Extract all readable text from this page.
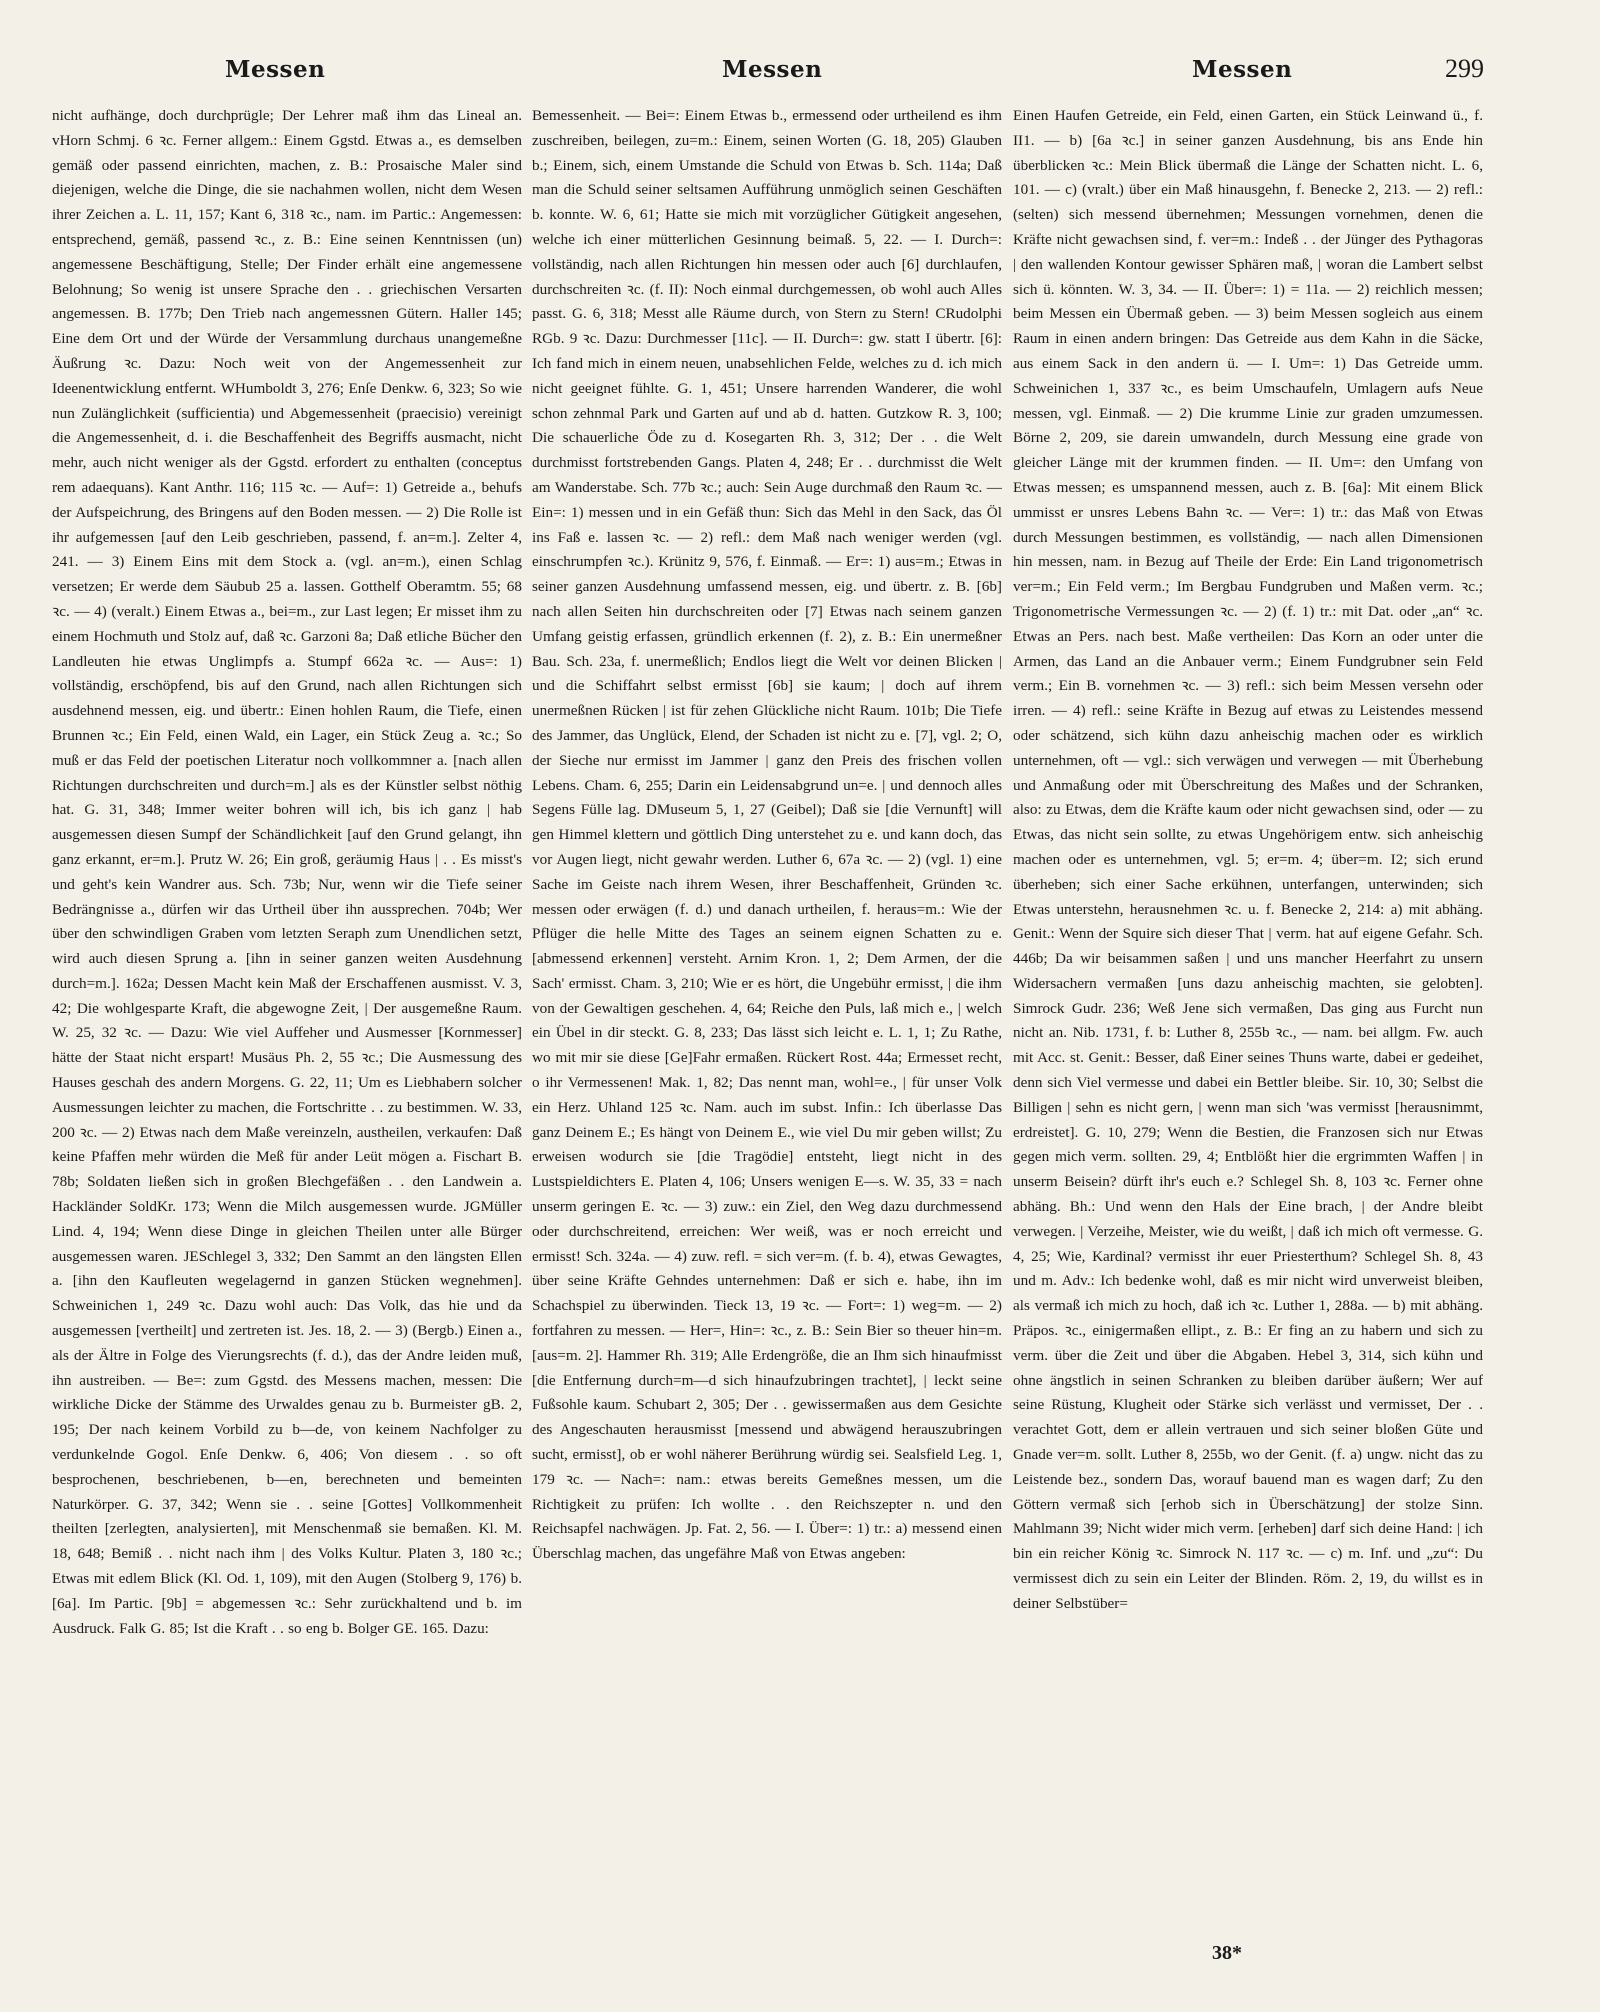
Messen	Messen	Messen	299

nicht aufhänge, doch durchprügle; Der Lehrer maß ihm das Lineal an. vHorn Schmj. 6 ꝛc. Ferner allgem.: Einem Ggstd. Etwas a., es demselben gemäß oder passend einrichten, machen, z. B.: Prosaische Maler sind diejenigen, welche die Dinge, die sie nachahmen wollen, nicht dem Wesen ihrer Zeichen a. L. 11, 157; Kant 6, 318 ꝛc., nam. im Partic.: Angemessen: entsprechend, gemäß, passend ꝛc., z. B.: Eine seinen Kenntnissen (un) angemessene Beschäftigung, Stelle; Der Finder erhält eine angemessene Belohnung; So wenig ist unsere Sprache den . . griechischen Versarten angemessen. B. 177b; Den Trieb nach angemessnen Gütern. Haller 145; Eine dem Ort und der Würde der Versammlung durchaus unangemeßne Äußrung ꝛc. Dazu: Noch weit von der Angemessenheit zur Ideenentwicklung entfernt. WHumboldt 3, 276; Enſe Denkw. 6, 323; So wie nun Zulänglichkeit (sufficientia) und Abgemessenheit (praecisio) vereinigt die Angemessenheit, d. i. die Beschaffenheit des Begriffs ausmacht, nicht mehr, auch nicht weniger als der Ggstd. erfordert zu enthalten (conceptus rem adaequans). Kant Anthr. 116; 115 ꝛc. — Auf=: 1) Getreide a., behufs der Aufspeichrung, des Bringens auf den Boden messen. — 2) Die Rolle ist ihr aufgemessen [auf den Leib geschrieben, passend, f. an=m.]. Zelter 4, 241. — 3) Einem Eins mit dem Stock a. (vgl. an=m.), einen Schlag versetzen; Er werde dem Säubub 25 a. lassen. Gotthelf Oberamtm. 55; 68 ꝛc. — 4) (veralt.) Einem Etwas a., bei=m., zur Last legen; Er misset ihm zu einem Hochmuth und Stolz auf, daß ꝛc. Garzoni 8a; Daß etliche Bücher den Landleuten hie etwas Unglimpfs a. Stumpf 662a ꝛc. — Aus=: 1) vollständig, erschöpfend, bis auf den Grund, nach allen Richtungen sich ausdehnend messen, eig. und übertr.: Einen hohlen Raum, die Tiefe, einen Brunnen ꝛc.; Ein Feld, einen Wald, ein Lager, ein Stück Zeug a. ꝛc.; So muß er das Feld der poetischen Literatur noch vollkommner a. [nach allen Richtungen durchschreiten und durch=m.] als es der Künstler selbst nöthig hat. G. 31, 348; Immer weiter bohren will ich, bis ich ganz | hab ausgemessen diesen Sumpf der Schändlichkeit [auf den Grund gelangt, ihn ganz erkannt, er=m.]. Prutz W. 26; Ein groß, geräumig Haus | . . Es misst's und geht's kein Wandrer aus. Sch. 73b; Nur, wenn wir die Tiefe seiner Bedrängnisse a., dürfen wir das Urtheil über ihn aussprechen. 704b; Wer über den schwindligen Graben vom letzten Seraph zum Unendlichen setzt, wird auch diesen Sprung a. [ihn in seiner ganzen weiten Ausdehnung durch=m.]. 162a; Dessen Macht kein Maß der Erschaffenen ausmisst. V. 3, 42; Die wohlgesparte Kraft, die abgewogne Zeit, | Der ausgemeßne Raum. W. 25, 32 ꝛc. — Dazu: Wie viel Auffeher und Ausmesser [Kornmesser] hätte der Staat nicht erspart! Musäus Ph. 2, 55 ꝛc.; Die Ausmessung des Hauses geschah des andern Morgens. G. 22, 11; Um es Liebhabern solcher Ausmessungen leichter zu machen, die Fortschritte . . zu bestimmen. W. 33, 200 ꝛc. — 2) Etwas nach dem Maße vereinzeln, austheilen, verkaufen: Daß keine Pfaffen mehr würden die Meß für ander Leüt mögen a. Fischart B. 78b; Soldaten ließen sich in großen Blechgefäßen . . den Landwein a. Hackländer SoldKr. 173; Wenn die Milch ausgemessen wurde. JGMüller Lind. 4, 194; Wenn diese Dinge in gleichen Theilen unter alle Bürger ausgemessen waren. JESchlegel 3, 332; Den Sammt an den längsten Ellen a. [ihn den Kaufleuten wegelagernd in ganzen Stücken wegnehmen]. Schweinichen 1, 249 ꝛc. Dazu wohl auch: Das Volk, das hie und da ausgemessen [vertheilt] und zertreten ist. Jes. 18, 2. — 3) (Bergb.) Einen a., als der Ältre in Folge des Vierungsrechts (f. d.), das der Andre leiden muß, ihn austreiben. — Be=: zum Ggstd. des Messens machen, messen: Die wirkliche Dicke der Stämme des Urwaldes genau zu b. Burmeister gB. 2, 195; Der nach keinem Vorbild zu b—de, von keinem Nachfolger zu verdunkelnde Gogol. Enſe Denkw. 6, 406; Von diesem . . so oft besprochenen, beschriebenen, b—en, berechneten und bemeinten Naturkörper. G. 37, 342; Wenn sie . . seine [Gottes] Vollkommenheit theilten [zerlegten, analysierten], mit Menschenmaß sie bemaßen. Kl. M. 18, 648; Bemiß . . nicht nach ihm | des Volks Kultur. Platen 3, 180 ꝛc.; Etwas mit edlem Blick (Kl. Od. 1, 109), mit den Augen (Stolberg 9, 176) b. [6a]. Im Partic. [9b] = abgemessen ꝛc.: Sehr zurückhaltend und b. im Ausdruck. Falk G. 85; Ist die Kraft . . so eng b. Bolger GE. 165. Dazu:

Bemessenheit. — Bei=: Einem Etwas b., ermessend oder urtheilend es ihm zuschreiben, beilegen, zu=m.: Einem, seinen Worten (G. 18, 205) Glauben b.; Einem, sich, einem Umstande die Schuld von Etwas b. Sch. 114a; Daß man die Schuld seiner seltsamen Aufführung unmöglich seinen Geschäften b. konnte. W. 6, 61; Hatte sie mich mit vorzüglicher Gütigkeit angesehen, welche ich einer mütterlichen Gesinnung beimaß. 5, 22. — I. Durch=: vollständig, nach allen Richtungen hin messen oder auch [6] durchlaufen, durchschreiten ꝛc. (f. II): Noch einmal durchgemessen, ob wohl auch Alles passt. G. 6, 318; Messt alle Räume durch, von Stern zu Stern! CRudolphi RGb. 9 ꝛc. Dazu: Durchmesser [11c]. — II. Durch=: gw. statt I übertr. [6]: Ich fand mich in einem neuen, unabsehlichen Felde, welches zu d. ich mich nicht geeignet fühlte. G. 1, 451; Unsere harrenden Wanderer, die wohl schon zehnmal Park und Garten auf und ab d. hatten. Gutzkow R. 3, 100; Die schauerliche Öde zu d. Kosegarten Rh. 3, 312; Der . . die Welt durchmisst fortstrebenden Gangs. Platen 4, 248; Er . . durchmisst die Welt am Wanderstabe. Sch. 77b ꝛc.; auch: Sein Auge durchmaß den Raum ꝛc. — Ein=: 1) messen und in ein Gefäß thun: Sich das Mehl in den Sack, das Öl ins Faß e. lassen ꝛc. — 2) refl.: dem Maß nach weniger werden (vgl. einschrumpfen ꝛc.). Krünitz 9, 576, f. Einmaß. — Er=: 1) aus=m.; Etwas in seiner ganzen Ausdehnung umfassend messen, eig. und übertr. z. B. [6b] nach allen Seiten hin durchschreiten oder [7] Etwas nach seinem ganzen Umfang geistig erfassen, gründlich erkennen (f. 2), z. B.: Ein unermeßner Bau. Sch. 23a, f. unermeßlich; Endlos liegt die Welt vor deinen Blicken | und die Schiffahrt selbst ermisst [6b] sie kaum; | doch auf ihrem unermeßnen Rücken | ist für zehen Glückliche nicht Raum. 101b; Die Tiefe des Jammer, das Unglück, Elend, der Schaden ist nicht zu e. [7], vgl. 2; O, der Sieche nur ermisst im Jammer | ganz den Preis des frischen vollen Lebens. Cham. 6, 255; Darin ein Leidensabgrund un=e. | und dennoch alles Segens Fülle lag. DMuseum 5, 1, 27 (Geibel); Daß sie [die Vernunft] will gen Himmel klettern und göttlich Ding unterstehet zu e. und kann doch, das vor Augen liegt, nicht gewahr werden. Luther 6, 67a ꝛc. — 2) (vgl. 1) eine Sache im Geiste nach ihrem Wesen, ihrer Beschaffenheit, Gründen ꝛc. messen oder erwägen (f. d.) und danach urtheilen, f. heraus=m.: Wie der Pflüger die helle Mitte des Tages an seinem eignen Schatten zu e. [abmessend erkennen] versteht. Arnim Kron. 1, 2; Dem Armen, der die Sach' ermisst. Cham. 3, 210; Wie er es hört, die Ungebühr ermisst, | die ihm von der Gewaltigen geschehen. 4, 64; Reiche den Puls, laß mich e., | welch ein Übel in dir steckt. G. 8, 233; Das lässt sich leicht e. L. 1, 1; Zu Rathe, wo mit mir sie diese [Ge]Fahr ermaßen. Rückert Rost. 44a; Ermesset recht, o ihr Vermessenen! Mak. 1, 82; Das nennt man, wohl=e., | für unser Volk ein Herz. Uhland 125 ꝛc. Nam. auch im subst. Infin.: Ich überlasse Das ganz Deinem E.; Es hängt von Deinem E., wie viel Du mir geben willst; Zu erweisen wodurch sie [die Tragödie] entsteht, liegt nicht in des Lustspieldichters E. Platen 4, 106; Unsers wenigen E—s. W. 35, 33 = nach unserm geringen E. ꝛc. — 3) zuw.: ein Ziel, den Weg dazu durchmessend oder durchschreitend, erreichen: Wer weiß, was er noch erreicht und ermisst! Sch. 324a. — 4) zuw. refl. = sich ver=m. (f. b. 4), etwas Gewagtes, über seine Kräfte Gehndes unternehmen: Daß er sich e. habe, ihn im Schachspiel zu überwinden. Tieck 13, 19 ꝛc. — Fort=: 1) weg=m. — 2) fortfahren zu messen. — Her=, Hin=: ꝛc., z. B.: Sein Bier so theuer hin=m. [aus=m. 2]. Hammer Rh. 319; Alle Erdengröße, die an Ihm sich hinaufmisst [die Entfernung durch=m—d sich hinaufzubringen trachtet], | leckt seine Fußsohle kaum. Schubart 2, 305; Der . . gewissermaßen aus dem Gesichte des Angeschauten herausmisst [messend und abwägend herauszubringen sucht, ermisst], ob er wohl näherer Berührung würdig sei. Sealsfield Leg. 1, 179 ꝛc. — Nach=: nam.: etwas bereits Gemeßnes messen, um die Richtigkeit zu prüfen: Ich wollte . . den Reichszepter n. und den Reichsapfel nachwägen. Jp. Fat. 2, 56. — I. Über=: 1) tr.: a) messend einen Überschlag machen, das ungefähre Maß von Etwas angeben:

Einen Haufen Getreide, ein Feld, einen Garten, ein Stück Leinwand ü., f. II1. — b) [6a ꝛc.] in seiner ganzen Ausdehnung, bis ans Ende hin überblicken ꝛc.: Mein Blick übermaß die Länge der Schatten nicht. L. 6, 101. — c) (vralt.) über ein Maß hinausgehn, f. Benecke 2, 213. — 2) refl.: (selten) sich messend übernehmen; Messungen vornehmen, denen die Kräfte nicht gewachsen sind, f. ver=m.: Indeß . . der Jünger des Pythagoras | den wallenden Kontour gewisser Sphären maß, | woran die Lambert selbst sich ü. könnten. W. 3, 34. — II. Über=: 1) = 11a. — 2) reichlich messen; beim Messen ein Übermaß geben. — 3) beim Messen sogleich aus einem Raum in einen andern bringen: Das Getreide aus dem Kahn in die Säcke, aus einem Sack in den andern ü. — I. Um=: 1) Das Getreide umm. Schweinichen 1, 337 ꝛc., es beim Umschaufeln, Umlagern aufs Neue messen, vgl. Einmaß. — 2) Die krumme Linie zur graden umzumessen. Börne 2, 209, sie darein umwandeln, durch Messung eine grade von gleicher Länge mit der krummen finden. — II. Um=: den Umfang von Etwas messen; es umspannend messen, auch z. B. [6a]: Mit einem Blick ummisst er unsres Lebens Bahn ꝛc. — Ver=: 1) tr.: das Maß von Etwas durch Messungen bestimmen, es vollständig, — nach allen Dimensionen hin messen, nam. in Bezug auf Theile der Erde: Ein Land trigonometrisch ver=m.; Ein Feld verm.; Im Bergbau Fundgruben und Maßen verm. ꝛc.; Trigonometrische Vermessungen ꝛc. — 2) (f. 1) tr.: mit Dat. oder „an“ ꝛc. Etwas an Pers. nach best. Maße vertheilen: Das Korn an oder unter die Armen, das Land an die Anbauer verm.; Einem Fundgrubner sein Feld verm.; Ein B. vornehmen ꝛc. — 3) refl.: sich beim Messen versehn oder irren. — 4) refl.: seine Kräfte in Bezug auf etwas zu Leistendes messend oder schätzend, sich kühn dazu anheischig machen oder es wirklich unternehmen, oft — vgl.: sich verwägen und verwegen — mit Überhebung und Anmaßung oder mit Überschreitung des Maßes und der Schranken, also: zu Etwas, dem die Kräfte kaum oder nicht gewachsen sind, oder — zu Etwas, das nicht sein sollte, zu etwas Ungehörigem entw. sich anheischig machen oder es unternehmen, vgl. 5; er=m. 4; über=m. I2; sich erund überheben; sich einer Sache erkühnen, unterfangen, unterwinden; sich Etwas unterstehn, herausnehmen ꝛc. u. f. Benecke 2, 214: a) mit abhäng. Genit.: Wenn der Squire sich dieser That | verm. hat auf eigene Gefahr. Sch. 446b; Da wir beisammen saßen | und uns mancher Heerfahrt zu unsern Widersachern vermaßen [uns dazu anheischig machten, sie gelobten]. Simrock Gudr. 236; Weß Jene sich vermaßen, Das ging aus Furcht nun nicht an. Nib. 1731, f. b: Luther 8, 255b ꝛc., — nam. bei allgm. Fw. auch mit Acc. st. Genit.: Besser, daß Einer seines Thuns warte, dabei er gedeihet, denn sich Viel vermesse und dabei ein Bettler bleibe. Sir. 10, 30; Selbst die Billigen | sehn es nicht gern, | wenn man sich 'was vermisst [herausnimmt, erdreistet]. G. 10, 279; Wenn die Bestien, die Franzosen sich nur Etwas gegen mich verm. sollten. 29, 4; Entblößt hier die ergrimmten Waffen | in unserm Beisein? dürft ihr's euch e.? Schlegel Sh. 8, 103 ꝛc. Ferner ohne abhäng. Bh.: Und wenn den Hals der Eine brach, | der Andre bleibt verwegen. | Verzeihe, Meister, wie du weißt, | daß ich mich oft vermesse. G. 4, 25; Wie, Kardinal? vermisst ihr euer Priesterthum? Schlegel Sh. 8, 43 und m. Adv.: Ich bedenke wohl, daß es mir nicht wird unverweist bleiben, als vermaß ich mich zu hoch, daß ich ꝛc. Luther 1, 288a. — b) mit abhäng. Präpos. ꝛc., einigermaßen ellipt., z. B.: Er fing an zu habern und sich zu verm. über die Zeit und über die Abgaben. Hebel 3, 314, sich kühn und ohne ängstlich in seinen Schranken zu bleiben darüber äußern; Wer auf seine Rüstung, Klugheit oder Stärke sich verlässt und vermisset, Der . . verachtet Gott, dem er allein vertrauen und sich seiner bloßen Güte und Gnade ver=m. sollt. Luther 8, 255b, wo der Genit. (f. a) ungw. nicht das zu Leistende bez., sondern Das, worauf bauend man es wagen darf; Zu den Göttern vermaß sich [erhob sich in Überschätzung] der stolze Sinn. Mahlmann 39; Nicht wider mich verm. [erheben] darf sich deine Hand: | ich bin ein reicher König ꝛc. Simrock N. 117 ꝛc. — c) m. Inf. und „zu“: Du vermissest dich zu sein ein Leiter der Blinden. Röm. 2, 19, du willst es in deiner Selbstüber=

38*
